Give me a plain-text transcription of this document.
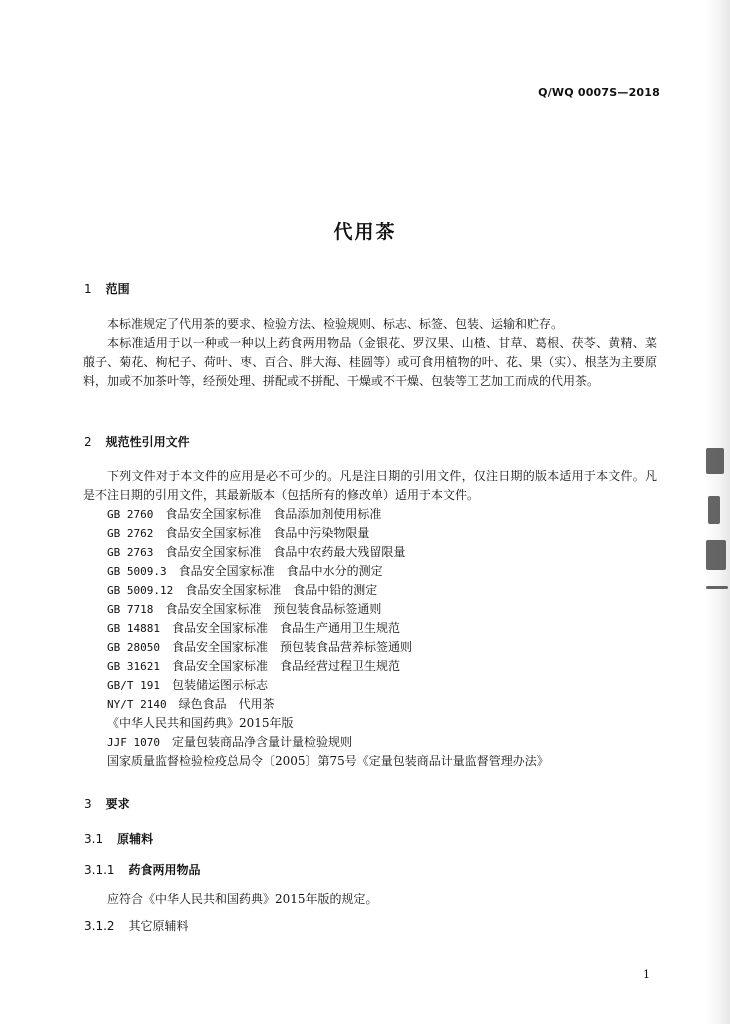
Q/WQ 0007S—2018
代用茶
1 范围

本标准规定了代用茶的要求、检验方法、检验规则、标志、标签、包装、运输和贮存。

本标准适用于以一种或一种以上药食两用物品（金银花、罗汉果、山楂、甘草、葛根、茯苓、黄精、菜菔子、菊花、枸杞子、荷叶、枣、百合、胖大海、桂圆等）或可食用植物的叶、花、果（实）、根茎为主要原料，加或不加茶叶等，经预处理、拼配或不拼配、干燥或不干燥、包装等工艺加工而成的代用茶。

2 规范性引用文件

下列文件对于本文件的应用是必不可少的。凡是注日期的引用文件，仅注日期的版本适用于本文件。凡是不注日期的引用文件，其最新版本（包括所有的修改单）适用于本文件。

GB 2760　 食品安全国家标准　食品添加剂使用标准
GB 2762　 食品安全国家标准　食品中污染物限量
GB 2763　 食品安全国家标准　食品中农药最大残留限量
GB 5009.3　 食品安全国家标准　食品中水分的测定
GB 5009.12　 食品安全国家标准　食品中铅的测定
GB 7718　 食品安全国家标准　预包装食品标签通则
GB 14881　 食品安全国家标准　食品生产通用卫生规范
GB 28050　 食品安全国家标准　预包装食品营养标签通则
GB 31621　 食品安全国家标准　食品经营过程卫生规范
GB/T 191　 包装储运图示标志
NY/T 2140　 绿色食品　代用茶
《中华人民共和国药典》2015年版
JJF 1070　 定量包装商品净含量计量检验规则
国家质量监督检验检疫总局令〔2005〕第75号《定量包装商品计量监督管理办法》
3 要求
3.1 原辅料
3.1.1 药食两用物品
应符合《中华人民共和国药典》2015年版的规定。
3.1.2 其它原辅料
1
